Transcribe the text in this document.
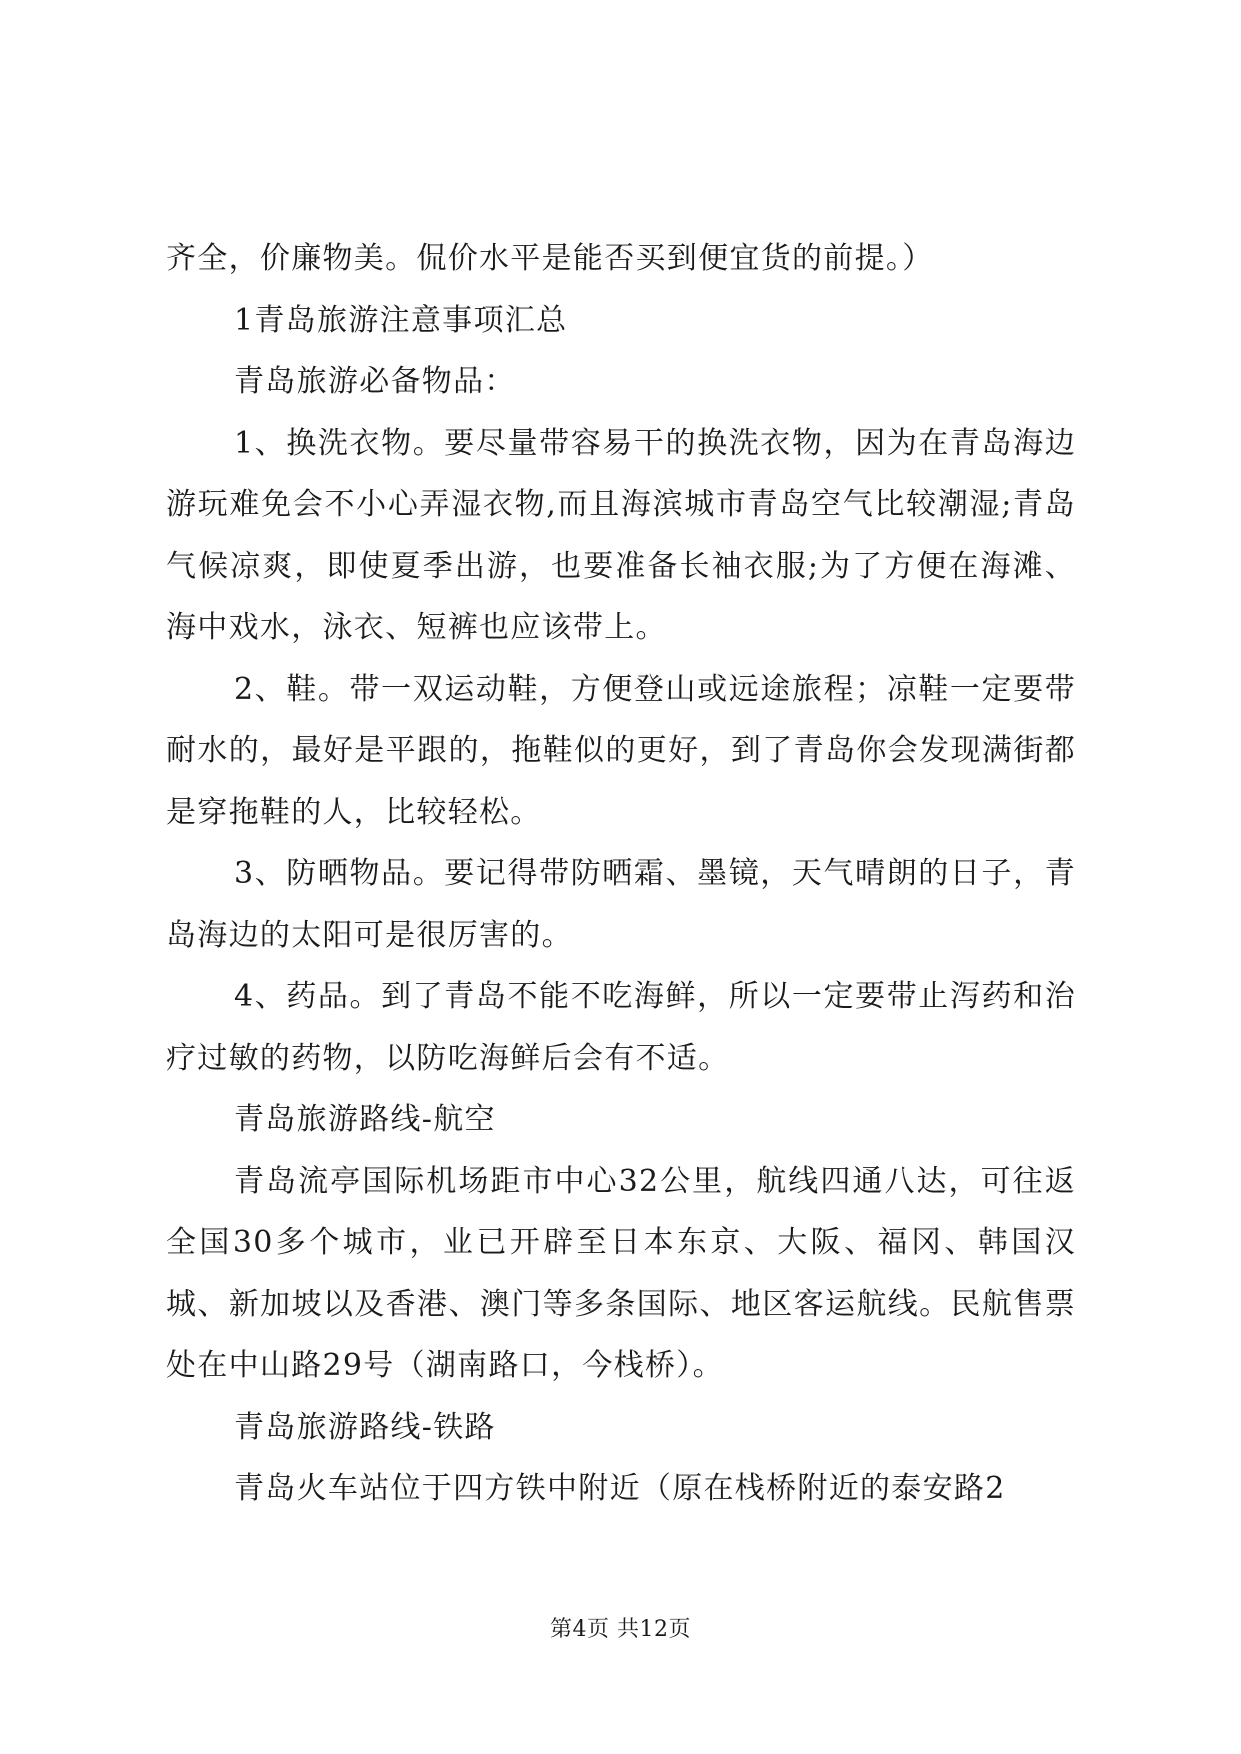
齐全，价廉物美。侃价水平是能否买到便宜货的前提。）

1青岛旅游注意事项汇总

青岛旅游必备物品：

1、换洗衣物。要尽量带容易干的换洗衣物，因为在青岛海边游玩难免会不小心弄湿衣物,而且海滨城市青岛空气比较潮湿;青岛气候凉爽，即使夏季出游，也要准备长袖衣服;为了方便在海滩、海中戏水，泳衣、短裤也应该带上。

2、鞋。带一双运动鞋，方便登山或远途旅程；凉鞋一定要带耐水的，最好是平跟的，拖鞋似的更好，到了青岛你会发现满街都是穿拖鞋的人，比较轻松。

3、防晒物品。要记得带防晒霜、墨镜，天气晴朗的日子，青岛海边的太阳可是很厉害的。

4、药品。到了青岛不能不吃海鲜，所以一定要带止泻药和治疗过敏的药物，以防吃海鲜后会有不适。

青岛旅游路线-航空

青岛流亭国际机场距市中心32公里，航线四通八达，可往返全国30多个城市，业已开辟至日本东京、大阪、福冈、韩国汉城、新加坡以及香港、澳门等多条国际、地区客运航线。民航售票处在中山路29号（湖南路口，今栈桥）。

青岛旅游路线-铁路

青岛火车站位于四方铁中附近（原在栈桥附近的泰安路2

第4页 共12页
